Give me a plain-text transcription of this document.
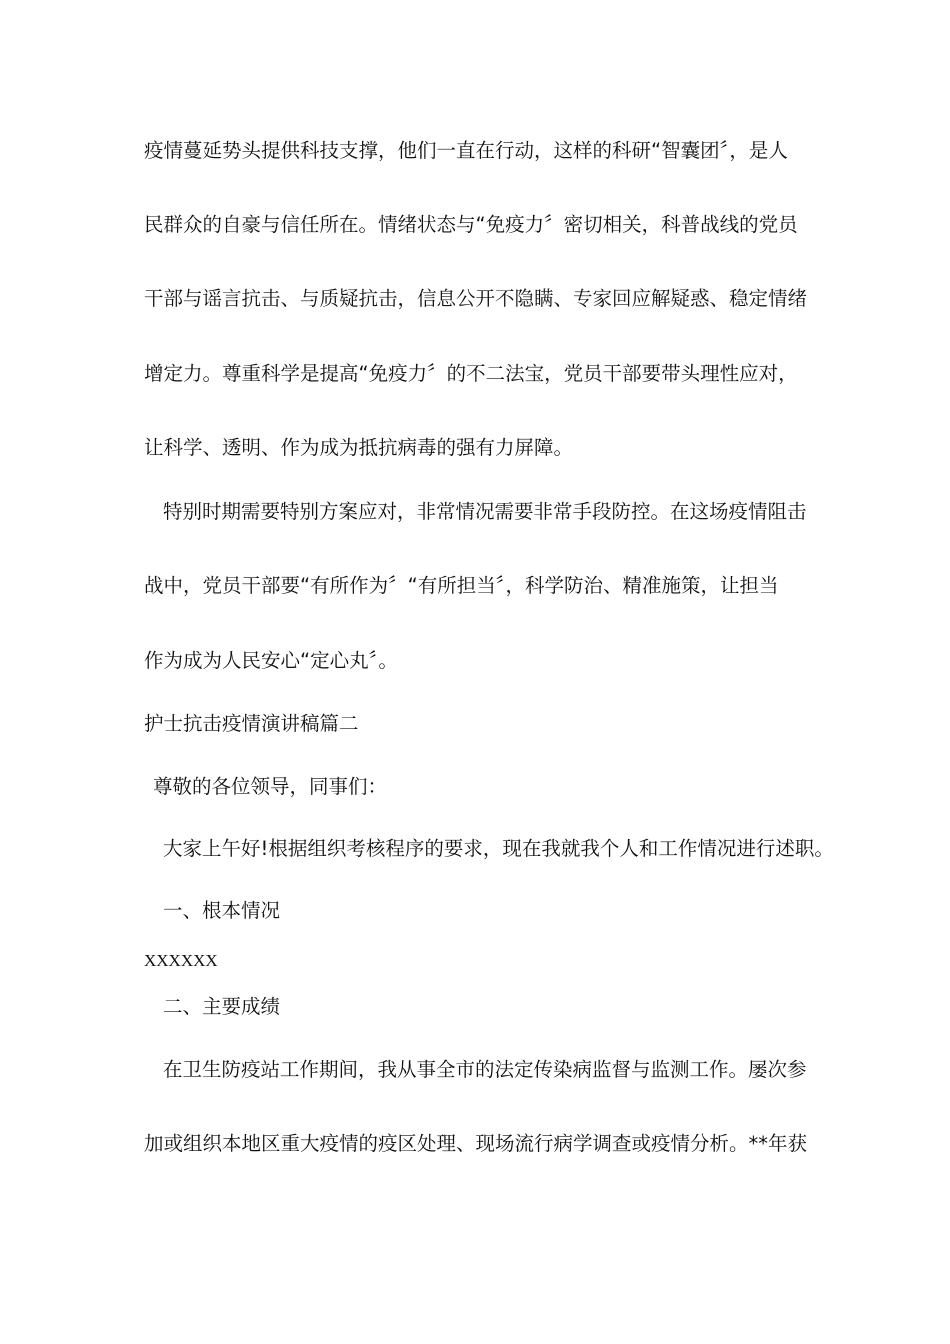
疫情蔓延势头提供科技支撑，他们一直在行动，这样的科研“智囊团〞，是人
民群众的自豪与信任所在。情绪状态与“免疫力〞密切相关，科普战线的党员
干部与谣言抗击、与质疑抗击，信息公开不隐瞒、专家回应解疑惑、稳定情绪
增定力。尊重科学是提高“免疫力〞的不二法宝，党员干部要带头理性应对，
让科学、透明、作为成为抵抗病毒的强有力屏障。
特别时期需要特别方案应对，非常情况需要非常手段防控。在这场疫情阻击
战中，党员干部要“有所作为〞“有所担当〞，科学防治、精准施策，让担当
作为成为人民安心“定心丸〞。
护士抗击疫情演讲稿篇二
尊敬的各位领导，同事们：
大家上午好!根据组织考核程序的要求，现在我就我个人和工作情况进行述职。
一、根本情况
XXXXXX
二、主要成绩
在卫生防疫站工作期间，我从事全市的法定传染病监督与监测工作。屡次参
加或组织本地区重大疫情的疫区处理、现场流行病学调查或疫情分析。**年获
